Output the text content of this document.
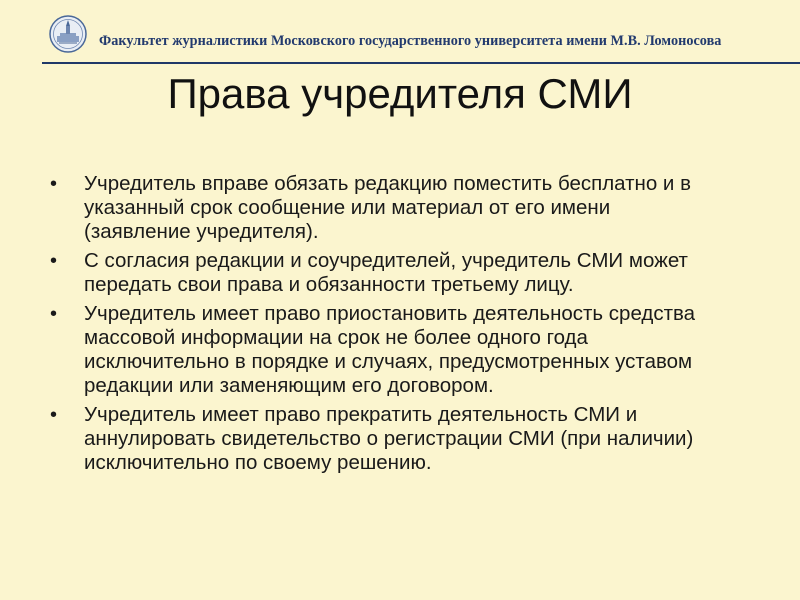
Факультет журналистики Московского государственного университета имени М.В. Ломоносова
Права учредителя СМИ
• Учредитель вправе обязать редакцию поместить бесплатно и в
указанный срок сообщение или материал от его имени
(заявление учредителя).
• С согласия редакции и соучредителей, учредитель СМИ может
передать свои права и обязанности третьему лицу.
• Учредитель имеет право приостановить деятельность средства
массовой информации на срок не более одного года
исключительно в порядке и случаях, предусмотренных уставом
редакции или заменяющим его договором.
• Учредитель имеет право прекратить деятельность СМИ и
аннулировать свидетельство о регистрации СМИ (при наличии)
исключительно по своему решению.
